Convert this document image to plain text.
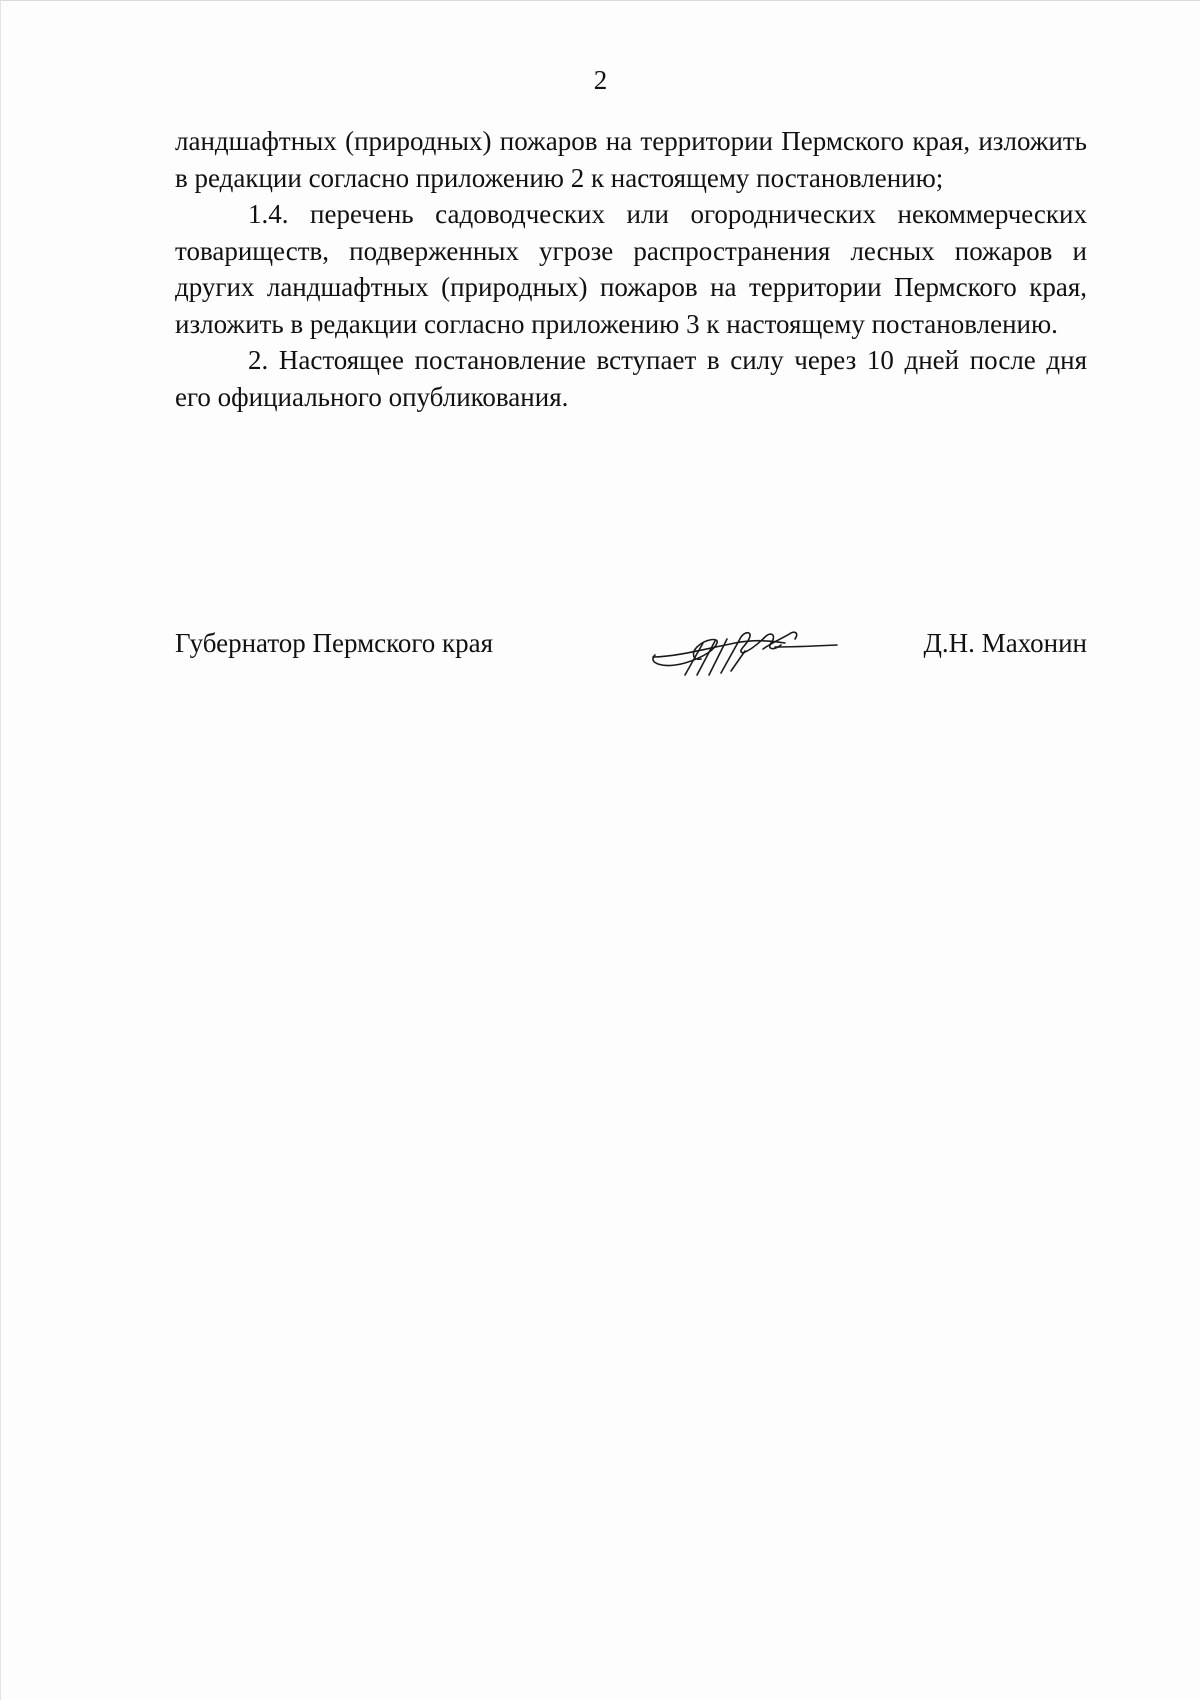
2

ландшафтных (природных) пожаров на территории Пермского края, изложить в редакции согласно приложению 2 к настоящему постановлению;

1.4. перечень садоводческих или огороднических некоммерческих товариществ, подверженных угрозе распространения лесных пожаров и других ландшафтных (природных) пожаров на территории Пермского края, изложить в редакции согласно приложению 3 к настоящему постановлению.

2. Настоящее постановление вступает в силу через 10 дней после дня его официального опубликования.

Губернатор Пермского края	Д.Н. Махонин
